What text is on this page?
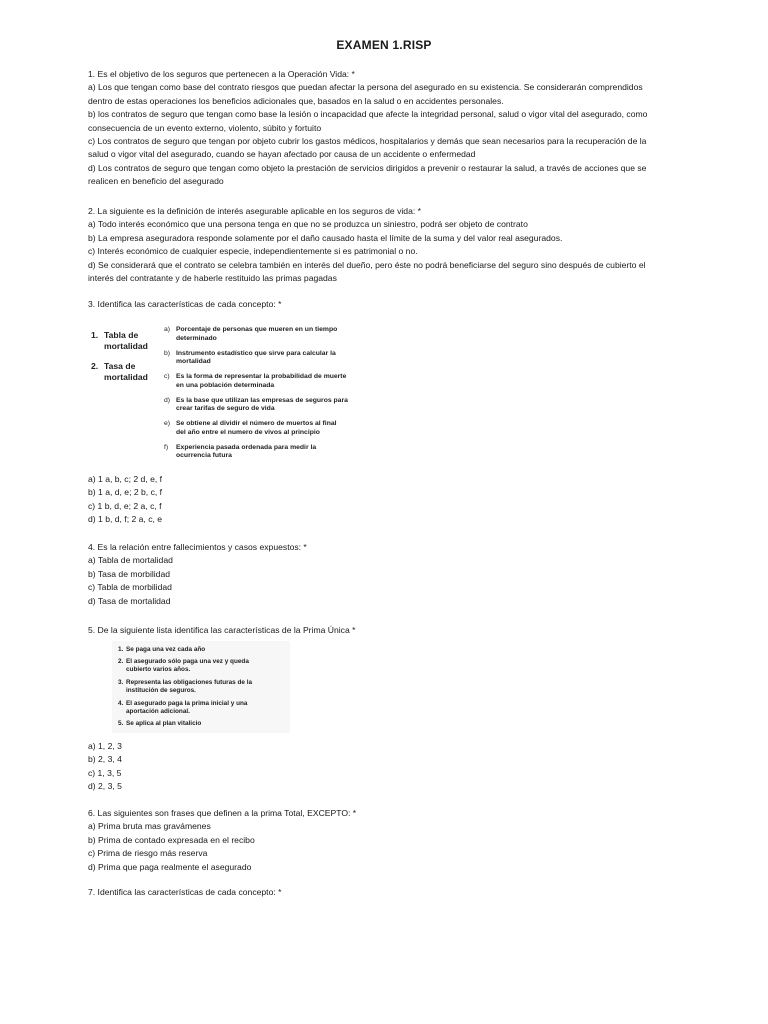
EXAMEN 1.RISP
1. Es el objetivo de los seguros que pertenecen a la Operación Vida: *
a) Los que tengan como base del contrato riesgos que puedan afectar la persona del asegurado en su existencia. Se considerarán comprendidos
dentro de estas operaciones los beneficios adicionales que, basados en la salud o en accidentes personales.
b) los contratos de seguro que tengan como base la lesión o incapacidad que afecte la integridad personal, salud o vigor vital del asegurado, como
consecuencia de un evento externo, violento, súbito y fortuito
c) Los contratos de seguro que tengan por objeto cubrir los gastos médicos, hospitalarios y demás que sean necesarios para la recuperación de la
salud o vigor vital del asegurado, cuando se hayan afectado por causa de un accidente o enfermedad
d) Los contratos de seguro que tengan como objeto la prestación de servicios dirigidos a prevenir o restaurar la salud, a través de acciones que se
realicen en beneficio del asegurado
2. La siguiente es la definición de interés asegurable aplicable en los seguros de vida: *
a) Todo interés económico que una persona tenga en que no se produzca un siniestro, podrá ser objeto de contrato
b) La empresa aseguradora responde solamente por el daño causado hasta el límite de la suma y del valor real asegurados.
c) Interés económico de cualquier especie, independientemente si es patrimonial o no.
d) Se considerará que el contrato se celebra también en interés del dueño, pero éste no podrá beneficiarse del seguro sino después de cubierto el
interés del contratante y de haberle restituido las primas pagadas
3. Identifica las características de cada concepto: *
1. Tabla de
mortalidad
2. Tasa de
mortalidad
a) Porcentaje de personas que mueren en un tiempo
determinado
b) Instrumento estadístico que sirve para calcular la
mortalidad
c) Es la forma de representar la probabilidad de muerte
en una población determinada
d) Es la base que utilizan las empresas de seguros para
crear tarifas de seguro de vida
e) Se obtiene al dividir el número de muertos al final
del año entre el numero de vivos al principio
f)	Experiencia pasada ordenada para medir la
ocurrencia futura
a) 1 a, b, c; 2 d, e, f
b) 1 a, d, e; 2 b, c, f
c) 1 b, d, e; 2 a, c, f
d) 1 b, d, f; 2 a, c, e
4. Es la relación entre fallecimientos y casos expuestos: *
a) Tabla de mortalidad
b) Tasa de morbilidad
c) Tabla de morbilidad
d) Tasa de mortalidad
5. De la siguiente lista identifica las características de la Prima Única *
1. Se paga una vez cada año
2. El asegurado sólo paga una vez y queda
cubierto varios años.
3. Representa las obligaciones futuras de la
institución de seguros.
4. El asegurado paga la prima inicial y una
aportación adicional.
5. Se aplica al plan vitalicio
a) 1, 2, 3
b) 2, 3, 4
c) 1, 3, 5
d) 2, 3, 5
6. Las siguientes son frases que definen a la prima Total, EXCEPTO: *
a) Prima bruta mas gravámenes
b) Prima de contado expresada en el recibo
c) Prima de riesgo más reserva
d) Prima que paga realmente el asegurado
7. Identifica las características de cada concepto: *
